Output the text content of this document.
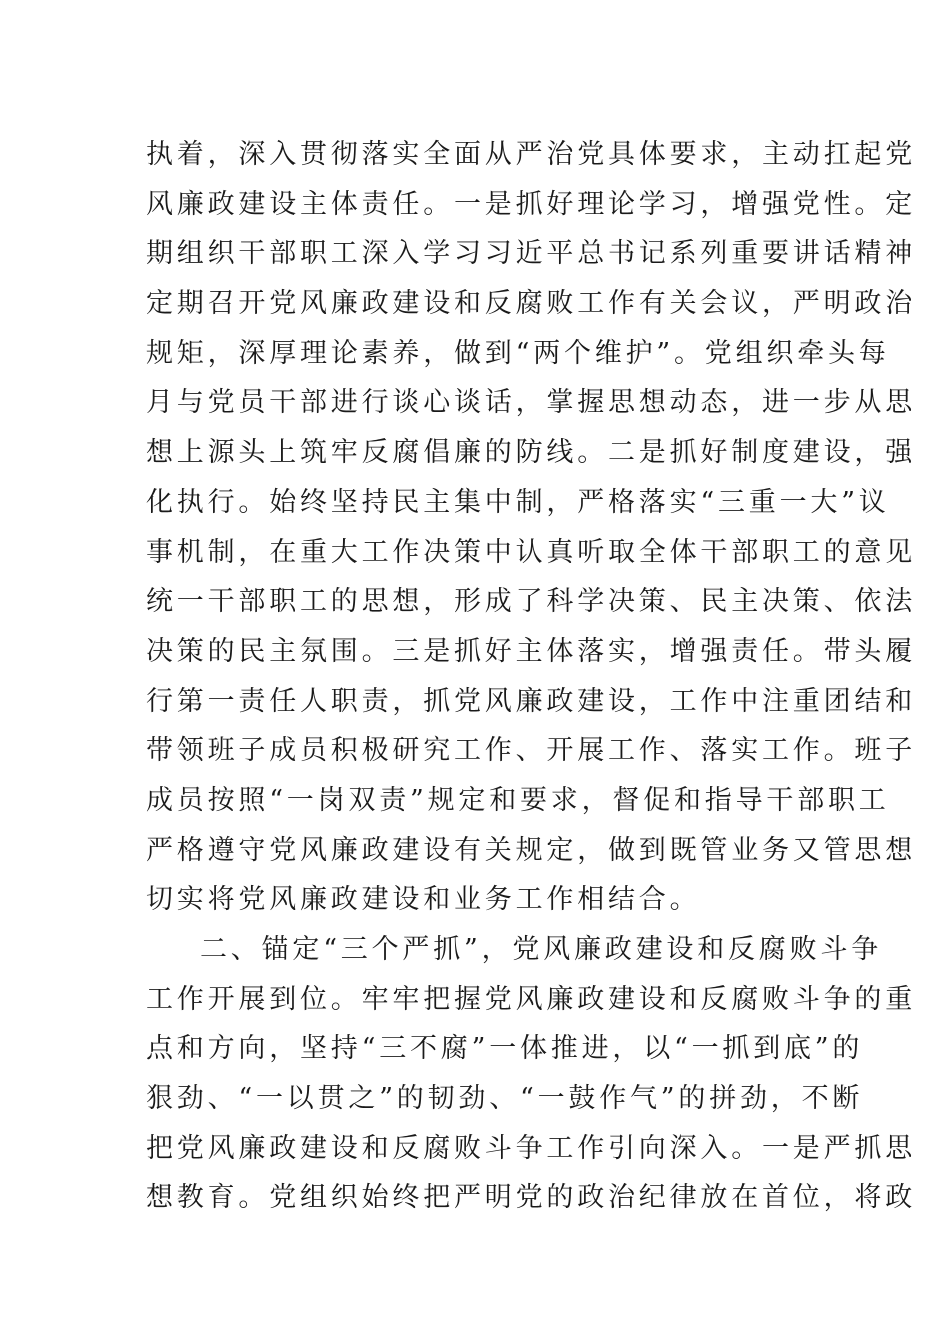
执着，深入贯彻落实全面从严治党具体要求，主动扛起党
风廉政建设主体责任。一是抓好理论学习，增强党性。定
期组织干部职工深入学习习近平总书记系列重要讲话精神
定期召开党风廉政建设和反腐败工作有关会议，严明政治
规矩，深厚理论素养，做到“两个维护”。党组织牵头每
月与党员干部进行谈心谈话，掌握思想动态，进一步从思
想上源头上筑牢反腐倡廉的防线。二是抓好制度建设，强
化执行。始终坚持民主集中制，严格落实“三重一大”议
事机制，在重大工作决策中认真听取全体干部职工的意见
统一干部职工的思想，形成了科学决策、民主决策、依法
决策的民主氛围。三是抓好主体落实，增强责任。带头履
行第一责任人职责，抓党风廉政建设，工作中注重团结和
带领班子成员积极研究工作、开展工作、落实工作。班子
成员按照“一岗双责”规定和要求，督促和指导干部职工
严格遵守党风廉政建设有关规定，做到既管业务又管思想
切实将党风廉政建设和业务工作相结合。
二、锚定“三个严抓”，党风廉政建设和反腐败斗争
工作开展到位。牢牢把握党风廉政建设和反腐败斗争的重
点和方向，坚持“三不腐”一体推进，以“一抓到底”的
狠劲、“一以贯之”的韧劲、“一鼓作气”的拼劲，不断
把党风廉政建设和反腐败斗争工作引向深入。一是严抓思
想教育。党组织始终把严明党的政治纪律放在首位，将政
